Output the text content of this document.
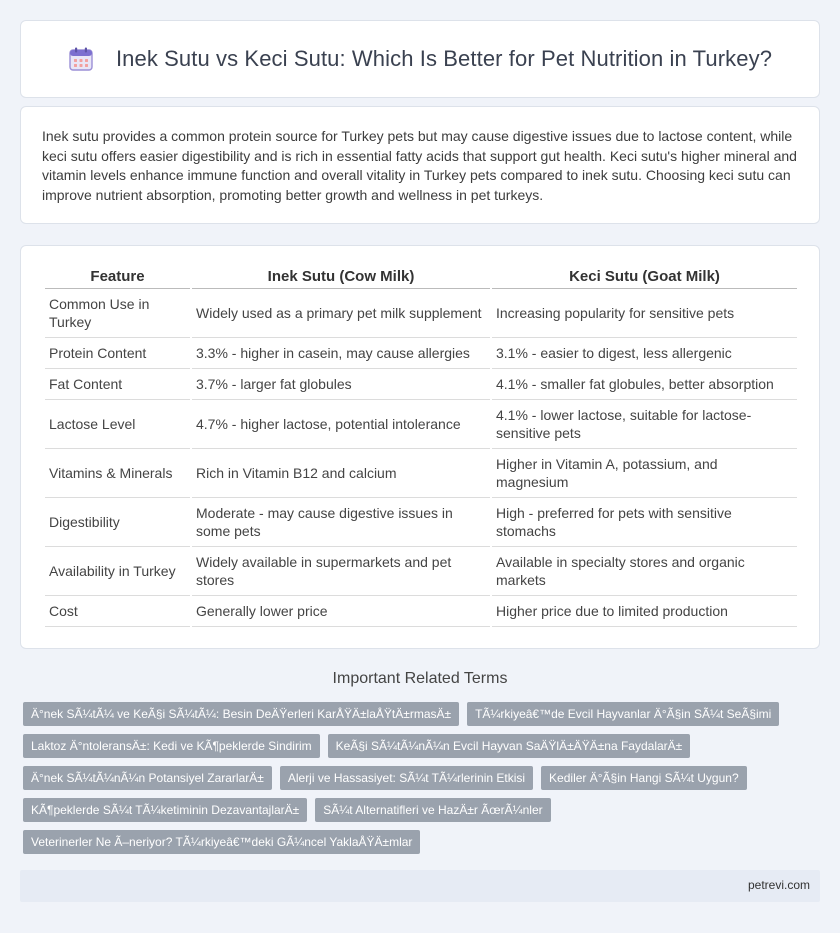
Inek Sutu vs Keci Sutu: Which Is Better for Pet Nutrition in Turkey?

Inek sutu provides a common protein source for Turkey pets but may cause digestive issues due to lactose content, while keci sutu offers easier digestibility and is rich in essential fatty acids that support gut health. Keci sutu's higher mineral and vitamin levels enhance immune function and overall vitality in Turkey pets compared to inek sutu. Choosing keci sutu can improve nutrient absorption, promoting better growth and wellness in pet turkeys.

Feature	Inek Sutu (Cow Milk)	Keci Sutu (Goat Milk)
Common Use in Turkey	Widely used as a primary pet milk supplement	Increasing popularity for sensitive pets
Protein Content	3.3% - higher in casein, may cause allergies	3.1% - easier to digest, less allergenic
Fat Content	3.7% - larger fat globules	4.1% - smaller fat globules, better absorption
Lactose Level	4.7% - higher lactose, potential intolerance	4.1% - lower lactose, suitable for lactose-sensitive pets
Vitamins & Minerals	Rich in Vitamin B12 and calcium	Higher in Vitamin A, potassium, and magnesium
Digestibility	Moderate - may cause digestive issues in some pets	High - preferred for pets with sensitive stomachs
Availability in Turkey	Widely available in supermarkets and pet stores	Available in specialty stores and organic markets
Cost	Generally lower price	Higher price due to limited production
Important Related Terms
Ä°nek SÃ¼tÃ¼ ve KeÃ§i SÃ¼tÃ¼: Besin DeÄŸerleri KarÅŸÄ±laÅŸtÄ±rmasÄ±	TÃ¼rkiyeâ€™de Evcil Hayvanlar Ä°Ã§in SÃ¼t SeÃ§imi
Laktoz Ä°ntoleransÄ±: Kedi ve KÃ¶peklerde Sindirim	KeÃ§i SÃ¼tÃ¼nÃ¼n Evcil Hayvan SaÄŸlÄ±ÄŸÄ±na FaydalarÄ±
Ä°nek SÃ¼tÃ¼nÃ¼n Potansiyel ZararlarÄ±	Alerji ve Hassasiyet: SÃ¼t TÃ¼rlerinin Etkisi	Kediler Ä°Ã§in Hangi SÃ¼t Uygun?
KÃ¶peklerde SÃ¼t TÃ¼ketiminin DezavantajlarÄ±	SÃ¼t Alternatifleri ve HazÄ±r ÃœrÃ¼nler
Veterinerler Ne Ã–neriyor? TÃ¼rkiyeâ€™deki GÃ¼ncel YaklaÅŸÄ±mlar
petrevi.com
